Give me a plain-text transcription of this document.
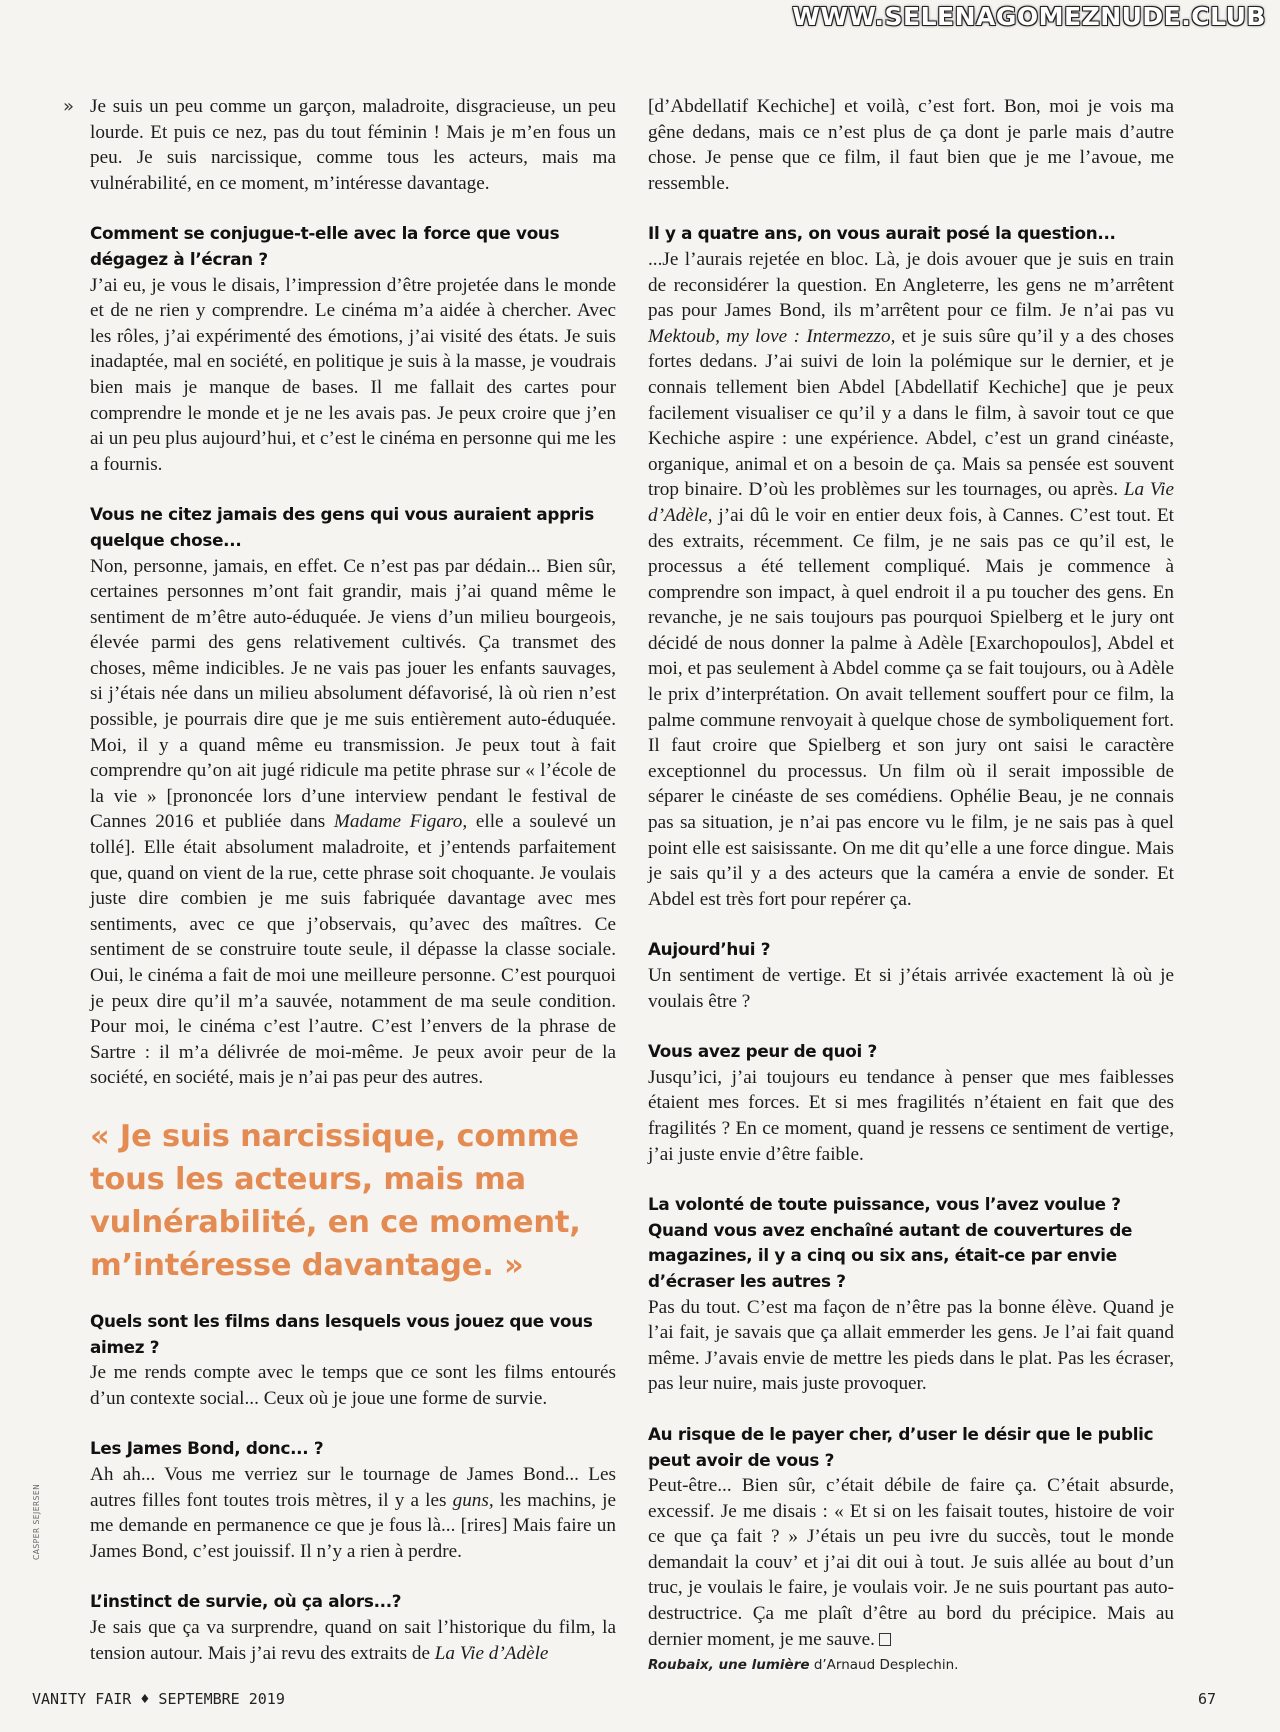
WWW.SELENAGOMEZNUDE.CLUB
» Je suis un peu comme un garçon, maladroite, disgracieuse, un peu lourde. Et puis ce nez, pas du tout féminin ! Mais je m’en fous un peu. Je suis narcissique, comme tous les acteurs, mais ma vulnérabilité, en ce moment, m’intéresse davantage.

Comment se conjugue-t-elle avec la force que vous dégagez à l’écran ?

J’ai eu, je vous le disais, l’impression d’être projetée dans le monde et de ne rien y comprendre. Le cinéma m’a aidée à chercher. Avec les rôles, j’ai expérimenté des émotions, j’ai visité des états. Je suis inadaptée, mal en société, en politique je suis à la masse, je voudrais bien mais je manque de bases. Il me fallait des cartes pour comprendre le monde et je ne les avais pas. Je peux croire que j’en ai un peu plus aujourd’hui, et c’est le cinéma en personne qui me les a fournis.

Vous ne citez jamais des gens qui vous auraient appris quelque chose...

Non, personne, jamais, en effet. Ce n’est pas par dédain... Bien sûr, certaines personnes m’ont fait grandir, mais j’ai quand même le sentiment de m’être auto-éduquée. Je viens d’un milieu bourgeois, élevée parmi des gens relativement cultivés. Ça transmet des choses, même indicibles. Je ne vais pas jouer les enfants sauvages, si j’étais née dans un milieu absolument défavorisé, là où rien n’est possible, je pourrais dire que je me suis entièrement auto-éduquée. Moi, il y a quand même eu transmission. Je peux tout à fait comprendre qu’on ait jugé ridicule ma petite phrase sur « l’école de la vie » [prononcée lors d’une interview pendant le festival de Cannes 2016 et publiée dans Madame Figaro, elle a soulevé un tollé]. Elle était absolument maladroite, et j’entends parfaitement que, quand on vient de la rue, cette phrase soit choquante. Je voulais juste dire combien je me suis fabriquée davantage avec mes sentiments, avec ce que j’observais, qu’avec des maîtres. Ce sentiment de se construire toute seule, il dépasse la classe sociale. Oui, le cinéma a fait de moi une meilleure personne. C’est pourquoi je peux dire qu’il m’a sauvée, notamment de ma seule condition. Pour moi, le cinéma c’est l’autre. C’est l’envers de la phrase de Sartre : il m’a délivrée de moi-même. Je peux avoir peur de la société, en société, mais je n’ai pas peur des autres.

« Je suis narcissique, comme tous les acteurs, mais ma vulnérabilité, en ce moment, m’intéresse davantage. »
Quels sont les films dans lesquels vous jouez que vous aimez ?

Je me rends compte avec le temps que ce sont les films entourés d’un contexte social... Ceux où je joue une forme de survie.

Les James Bond, donc... ?

Ah ah... Vous me verriez sur le tournage de James Bond... Les autres filles font toutes trois mètres, il y a les guns, les machins, je me demande en permanence ce que je fous là... [rires] Mais faire un James Bond, c’est jouissif. Il n’y a rien à perdre.

L’instinct de survie, où ça alors...?

Je sais que ça va surprendre, quand on sait l’historique du film, la tension autour. Mais j’ai revu des extraits de La Vie d’Adèle

[d’Abdellatif Kechiche] et voilà, c’est fort. Bon, moi je vois ma gêne dedans, mais ce n’est plus de ça dont je parle mais d’autre chose. Je pense que ce film, il faut bien que je me l’avoue, me ressemble.

Il y a quatre ans, on vous aurait posé la question...

...Je l’aurais rejetée en bloc. Là, je dois avouer que je suis en train de reconsidérer la question. En Angleterre, les gens ne m’arrêtent pas pour James Bond, ils m’arrêtent pour ce film. Je n’ai pas vu Mektoub, my love : Intermezzo, et je suis sûre qu’il y a des choses fortes dedans. J’ai suivi de loin la polémique sur le dernier, et je connais tellement bien Abdel [Abdellatif Kechiche] que je peux facilement visualiser ce qu’il y a dans le film, à savoir tout ce que Kechiche aspire : une expérience. Abdel, c’est un grand cinéaste, organique, animal et on a besoin de ça. Mais sa pensée est souvent trop binaire. D’où les problèmes sur les tournages, ou après. La Vie d’Adèle, j’ai dû le voir en entier deux fois, à Cannes. C’est tout. Et des extraits, récemment. Ce film, je ne sais pas ce qu’il est, le processus a été tellement compliqué. Mais je commence à comprendre son impact, à quel endroit il a pu toucher des gens. En revanche, je ne sais toujours pas pourquoi Spielberg et le jury ont décidé de nous donner la palme à Adèle [Exarchopoulos], Abdel et moi, et pas seulement à Abdel comme ça se fait toujours, ou à Adèle le prix d’interprétation. On avait tellement souffert pour ce film, la palme commune renvoyait à quelque chose de symboliquement fort. Il faut croire que Spielberg et son jury ont saisi le caractère exceptionnel du processus. Un film où il serait impossible de séparer le cinéaste de ses comédiens. Ophélie Beau, je ne connais pas sa situation, je n’ai pas encore vu le film, je ne sais pas à quel point elle est saisissante. On me dit qu’elle a une force dingue. Mais je sais qu’il y a des acteurs que la caméra a envie de sonder. Et Abdel est très fort pour repérer ça.

Aujourd’hui ?

Un sentiment de vertige. Et si j’étais arrivée exactement là où je voulais être ?

Vous avez peur de quoi ?

Jusqu’ici, j’ai toujours eu tendance à penser que mes faiblesses étaient mes forces. Et si mes fragilités n’étaient en fait que des fragilités ? En ce moment, quand je ressens ce sentiment de vertige, j’ai juste envie d’être faible.

La volonté de toute puissance, vous l’avez voulue ? Quand vous avez enchaîné autant de couvertures de magazines, il y a cinq ou six ans, était-ce par envie d’écraser les autres ?

Pas du tout. C’est ma façon de n’être pas la bonne élève. Quand je l’ai fait, je savais que ça allait emmerder les gens. Je l’ai fait quand même. J’avais envie de mettre les pieds dans le plat. Pas les écraser, pas leur nuire, mais juste provoquer.

Au risque de le payer cher, d’user le désir que le public peut avoir de vous ?

Peut-être... Bien sûr, c’était débile de faire ça. C’était absurde, excessif. Je me disais : « Et si on les faisait toutes, histoire de voir ce que ça fait ? » J’étais un peu ivre du succès, tout le monde demandait la couv’ et j’ai dit oui à tout. Je suis allée au bout d’un truc, je voulais le faire, je voulais voir. Je ne suis pourtant pas auto-destructrice. Ça me plaît d’être au bord du précipice. Mais au dernier moment, je me sauve.

Roubaix, une lumière d’Arnaud Desplechin.
CASPER SEJERSEN
VANITY FAIR ♦ SEPTEMBRE 2019	67
